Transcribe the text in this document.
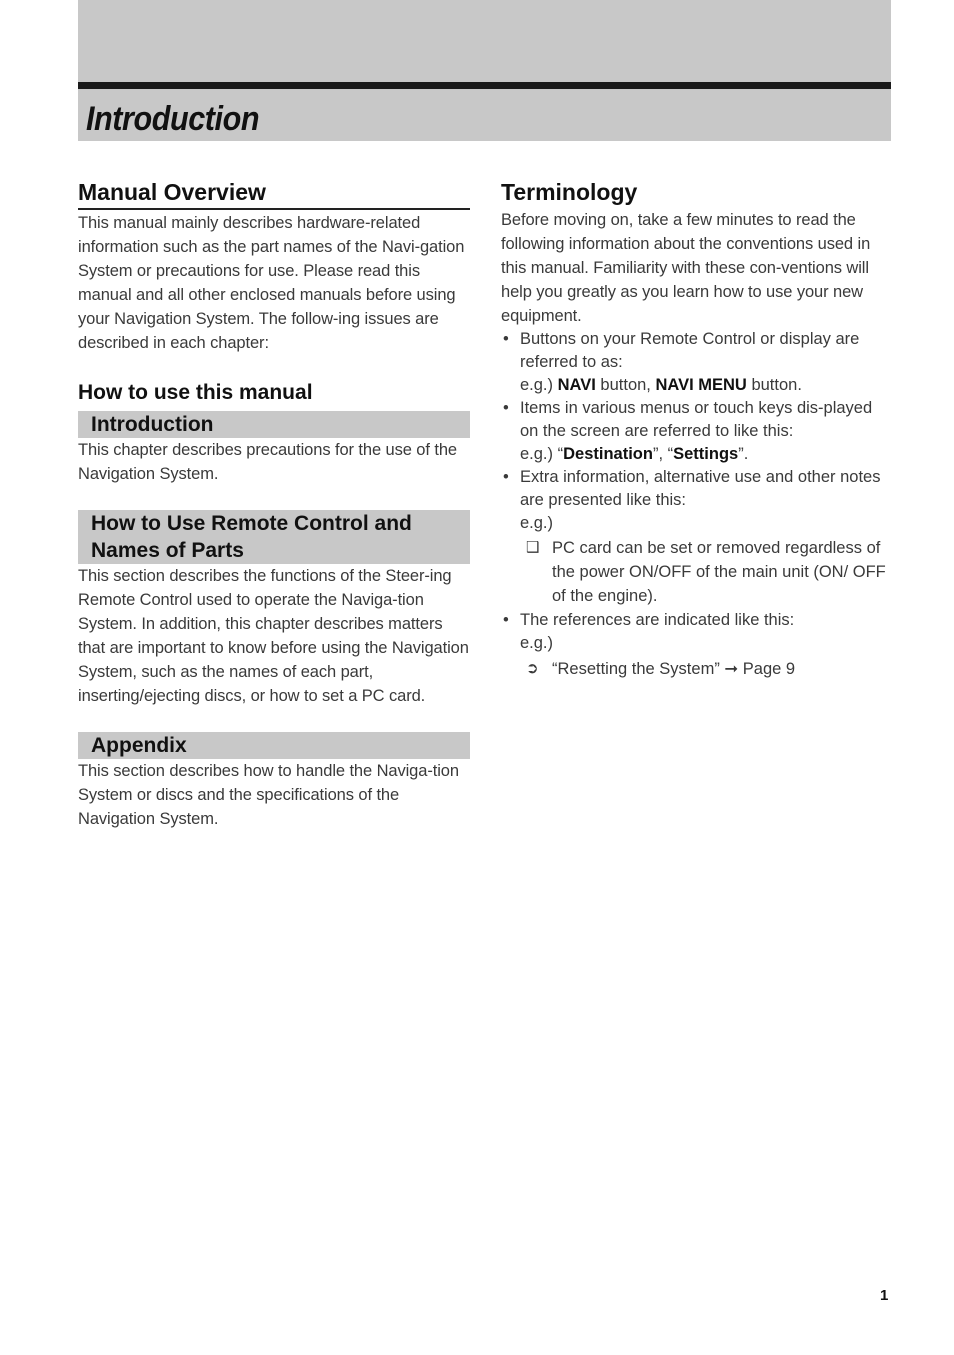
Introduction
Manual Overview

This manual mainly describes hardware-related information such as the part names of the Navi-gation System or precautions for use. Please read this manual and all other enclosed manuals before using your Navigation System. The follow-ing issues are described in each chapter:

How to use this manual
Introduction

This chapter describes precautions for the use of the Navigation System.

How to Use Remote Control and Names of Parts

This section describes the functions of the Steer-ing Remote Control used to operate the Naviga-tion System. In addition, this chapter describes matters that are important to know before using the Navigation System, such as the names of each part, inserting/ejecting discs, or how to set a PC card.

Appendix

This section describes how to handle the Naviga-tion System or discs and the specifications of the Navigation System.

Terminology

Before moving on, take a few minutes to read the following information about the conventions used in this manual. Familiarity with these con-ventions will help you greatly as you learn how to use your new equipment.

• Buttons on your Remote Control or display are referred to as:
e.g.) NAVI button, NAVI MENU button.
• Items in various menus or touch keys dis-played on the screen are referred to like this:
e.g.) “Destination”, “Settings”.
• Extra information, alternative use and other notes are presented like this:
e.g.)
❑ PC card can be set or removed regardless of the power ON/OFF of the main unit (ON/ OFF of the engine).
• The references are indicated like this:
e.g.)
➲ “Resetting the System” ➞ Page 9
1
